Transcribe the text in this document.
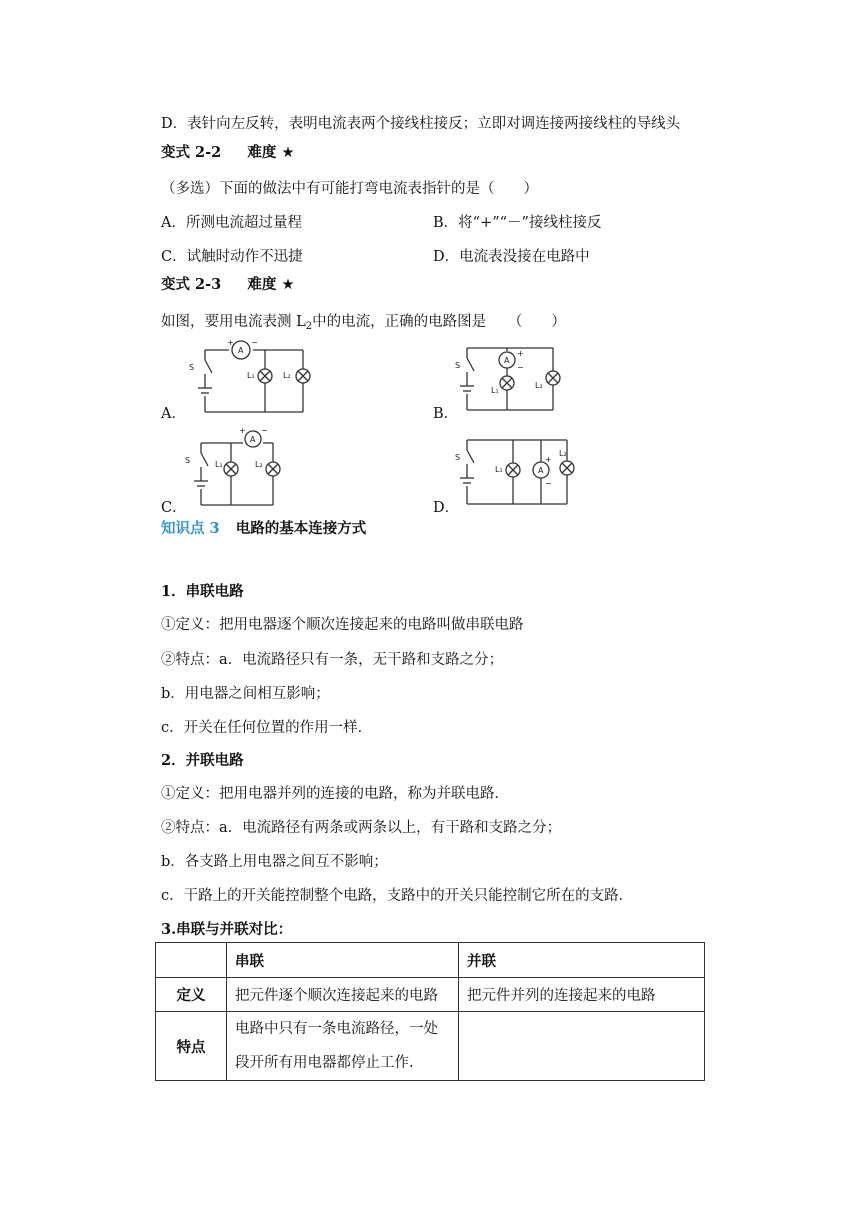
D．表针向左反转，表明电流表两个接线柱接反；立即对调连接两接线柱的导线头
变式 2-2 难度 ★
（多选）下面的做法中有可能打弯电流表指针的是（　　）
A．所测电流超过量程	B．将“+”“－”接线柱接反
C．试触时动作不迅捷	D．电流表没接在电路中
变式 2-3 难度 ★
如图，要用电流表测 $L_2$中的电流，正确的电路图是　　（　　）
A．	B．
C．	D．
A
+ −
S
L₁	L₂
A
+
−
S
L₁
L₂
A
+ −
S	L₁	L₂
A
+
−
S
L₁
L₂
知识点 3 电路的基本连接方式
1．串联电路
①定义：把用电器逐个顺次连接起来的电路叫做串联电路
②特点：a．电流路径只有一条，无干路和支路之分；
b．用电器之间相互影响；
c．开关在任何位置的作用一样．
2．并联电路
①定义：把用电器并列的连接的电路，称为并联电路．
②特点：a．电流路径有两条或两条以上，有干路和支路之分；
b．各支路上用电器之间互不影响；
c．干路上的开关能控制整个电路，支路中的开关只能控制它所在的支路．
3.串联与并联对比：
	串联	并联
定义	把元件逐个顺次连接起来的电路	把元件并列的连接起来的电路
特点	电路中只有一条电流路径，一处
段开所有用电器都停止工作.	
